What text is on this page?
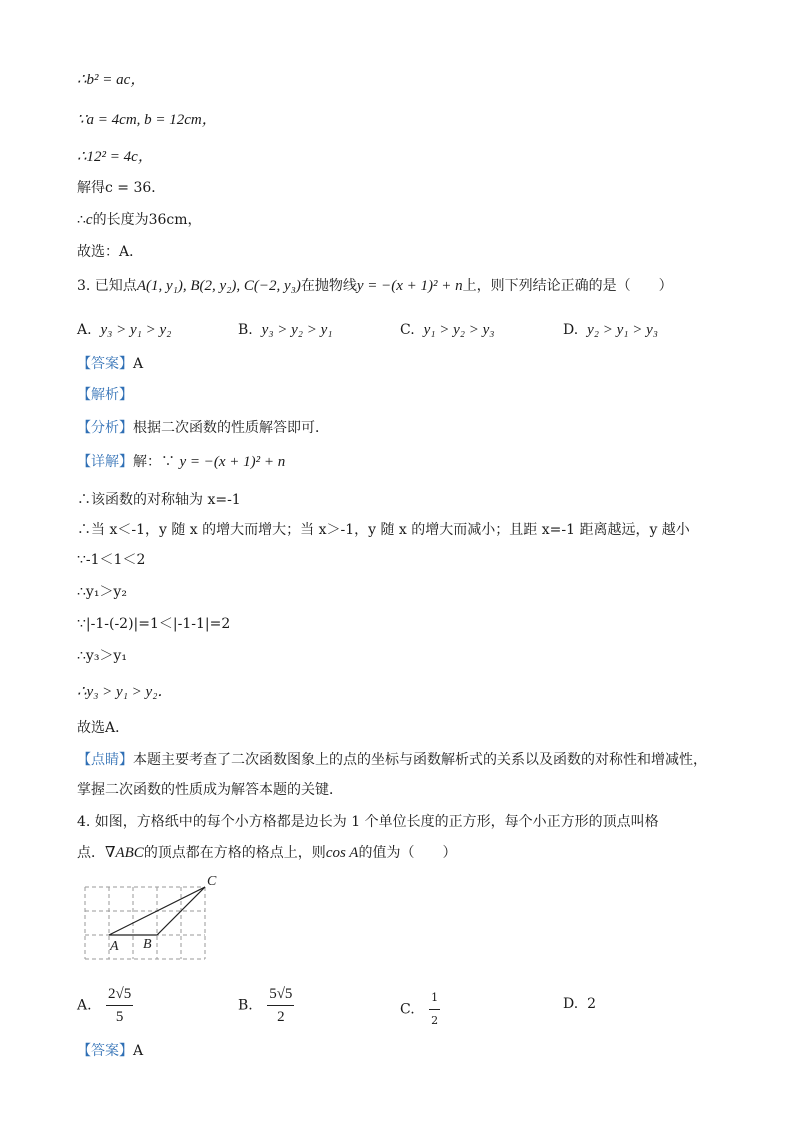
∴b² = ac，
∵a = 4cm, b = 12cm，
∴12² = 4c，
解得c = 36．
∴c的长度为36cm，
故选：A．
3. 已知点A(1, y₁), B(2, y₂), C(−2, y₃)在抛物线y = −(x + 1)² + n上，则下列结论正确的是（　　）
A. y₃ > y₁ > y₂	B. y₃ > y₂ > y₁	C. y₁ > y₂ > y₃	D. y₂ > y₁ > y₃
【答案】A
【解析】
【分析】根据二次函数的性质解答即可．
【详解】解：∵ y = −(x + 1)² + n
∴该函数的对称轴为 x=-1
∴当 x＜-1，y 随 x 的增大而增大；当 x＞-1，y 随 x 的增大而减小；且距 x=-1 距离越远，y 越小
∵-1＜1＜2
∴y₁＞y₂
∵|-1-(-2)|=1＜|-1-1|=2
∴y₃＞y₁
∴y₃ > y₁ > y₂．
故选A．
【点睛】本题主要考查了二次函数图象上的点的坐标与函数解析式的关系以及函数的对称性和增减性，
掌握二次函数的性质成为解答本题的关键．
4. 如图，方格纸中的每个小方格都是边长为 1 个单位长度的正方形，每个小正方形的顶点叫格
点．∇ABC的顶点都在方格的格点上，则cos A的值为（　　）
C
A B
A. $\frac{2√5}{5}$	B. $\frac{5√5}{2}$	C. $\frac{1}{2}$	D. 2
【答案】A
